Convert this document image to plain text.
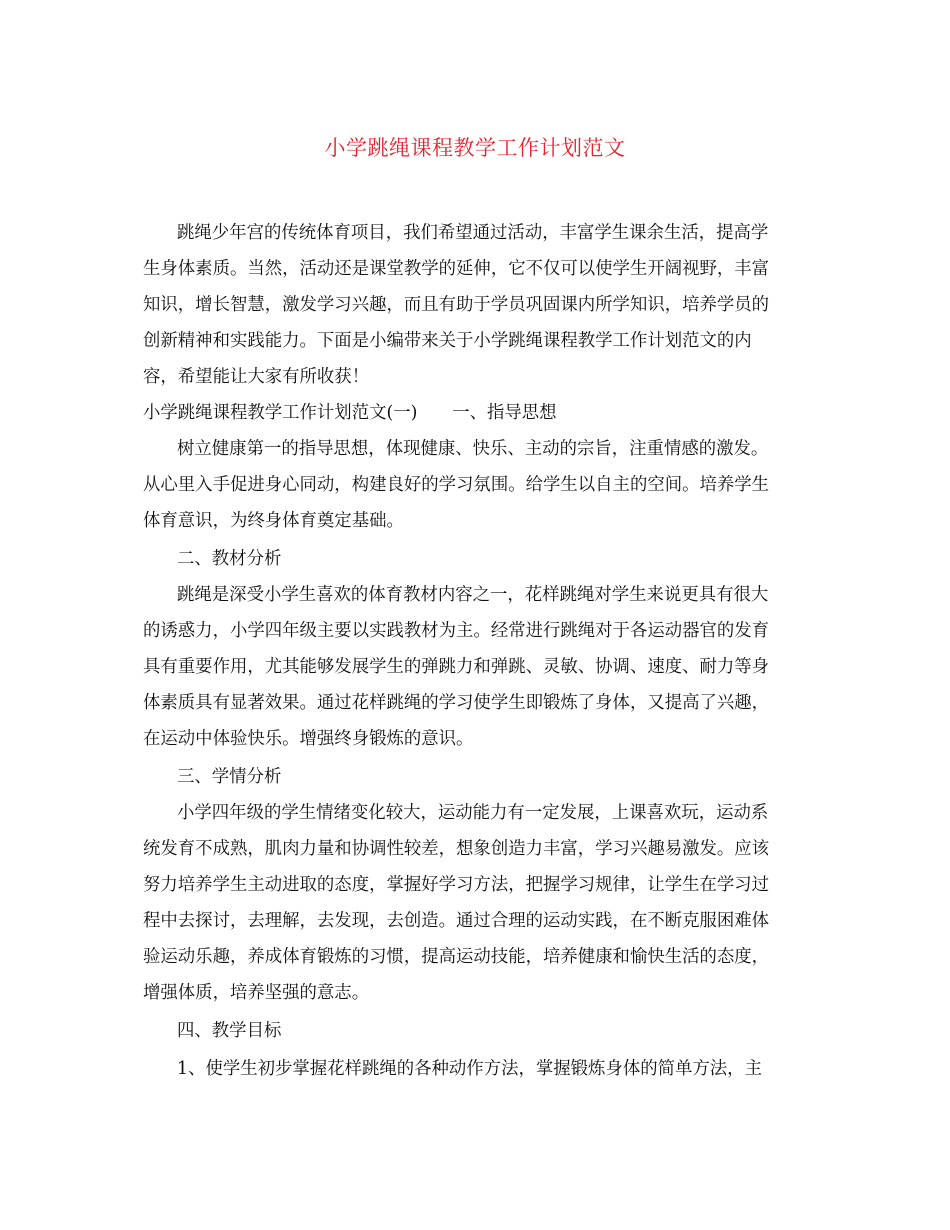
小学跳绳课程教学工作计划范文
跳绳少年宫的传统体育项目，我们希望通过活动，丰富学生课余生活，提高学
生身体素质。当然，活动还是课堂教学的延伸，它不仅可以使学生开阔视野，丰富
知识，增长智慧，激发学习兴趣，而且有助于学员巩固课内所学知识，培养学员的
创新精神和实践能力。下面是小编带来关于小学跳绳课程教学工作计划范文的内
容，希望能让大家有所收获！
小学跳绳课程教学工作计划范文(一)　　一、指导思想
树立健康第一的指导思想，体现健康、快乐、主动的宗旨，注重情感的激发。
从心里入手促进身心同动，构建良好的学习氛围。给学生以自主的空间。培养学生
体育意识，为终身体育奠定基础。
二、教材分析
跳绳是深受小学生喜欢的体育教材内容之一，花样跳绳对学生来说更具有很大
的诱惑力，小学四年级主要以实践教材为主。经常进行跳绳对于各运动器官的发育
具有重要作用，尤其能够发展学生的弹跳力和弹跳、灵敏、协调、速度、耐力等身
体素质具有显著效果。通过花样跳绳的学习使学生即锻炼了身体，又提高了兴趣，
在运动中体验快乐。增强终身锻炼的意识。
三、学情分析
小学四年级的学生情绪变化较大，运动能力有一定发展，上课喜欢玩，运动系
统发育不成熟，肌肉力量和协调性较差，想象创造力丰富，学习兴趣易激发。应该
努力培养学生主动进取的态度，掌握好学习方法，把握学习规律，让学生在学习过
程中去探讨，去理解，去发现，去创造。通过合理的运动实践，在不断克服困难体
验运动乐趣，养成体育锻炼的习惯，提高运动技能，培养健康和愉快生活的态度，
增强体质，培养坚强的意志。
四、教学目标
1、使学生初步掌握花样跳绳的各种动作方法，掌握锻炼身体的简单方法，主
